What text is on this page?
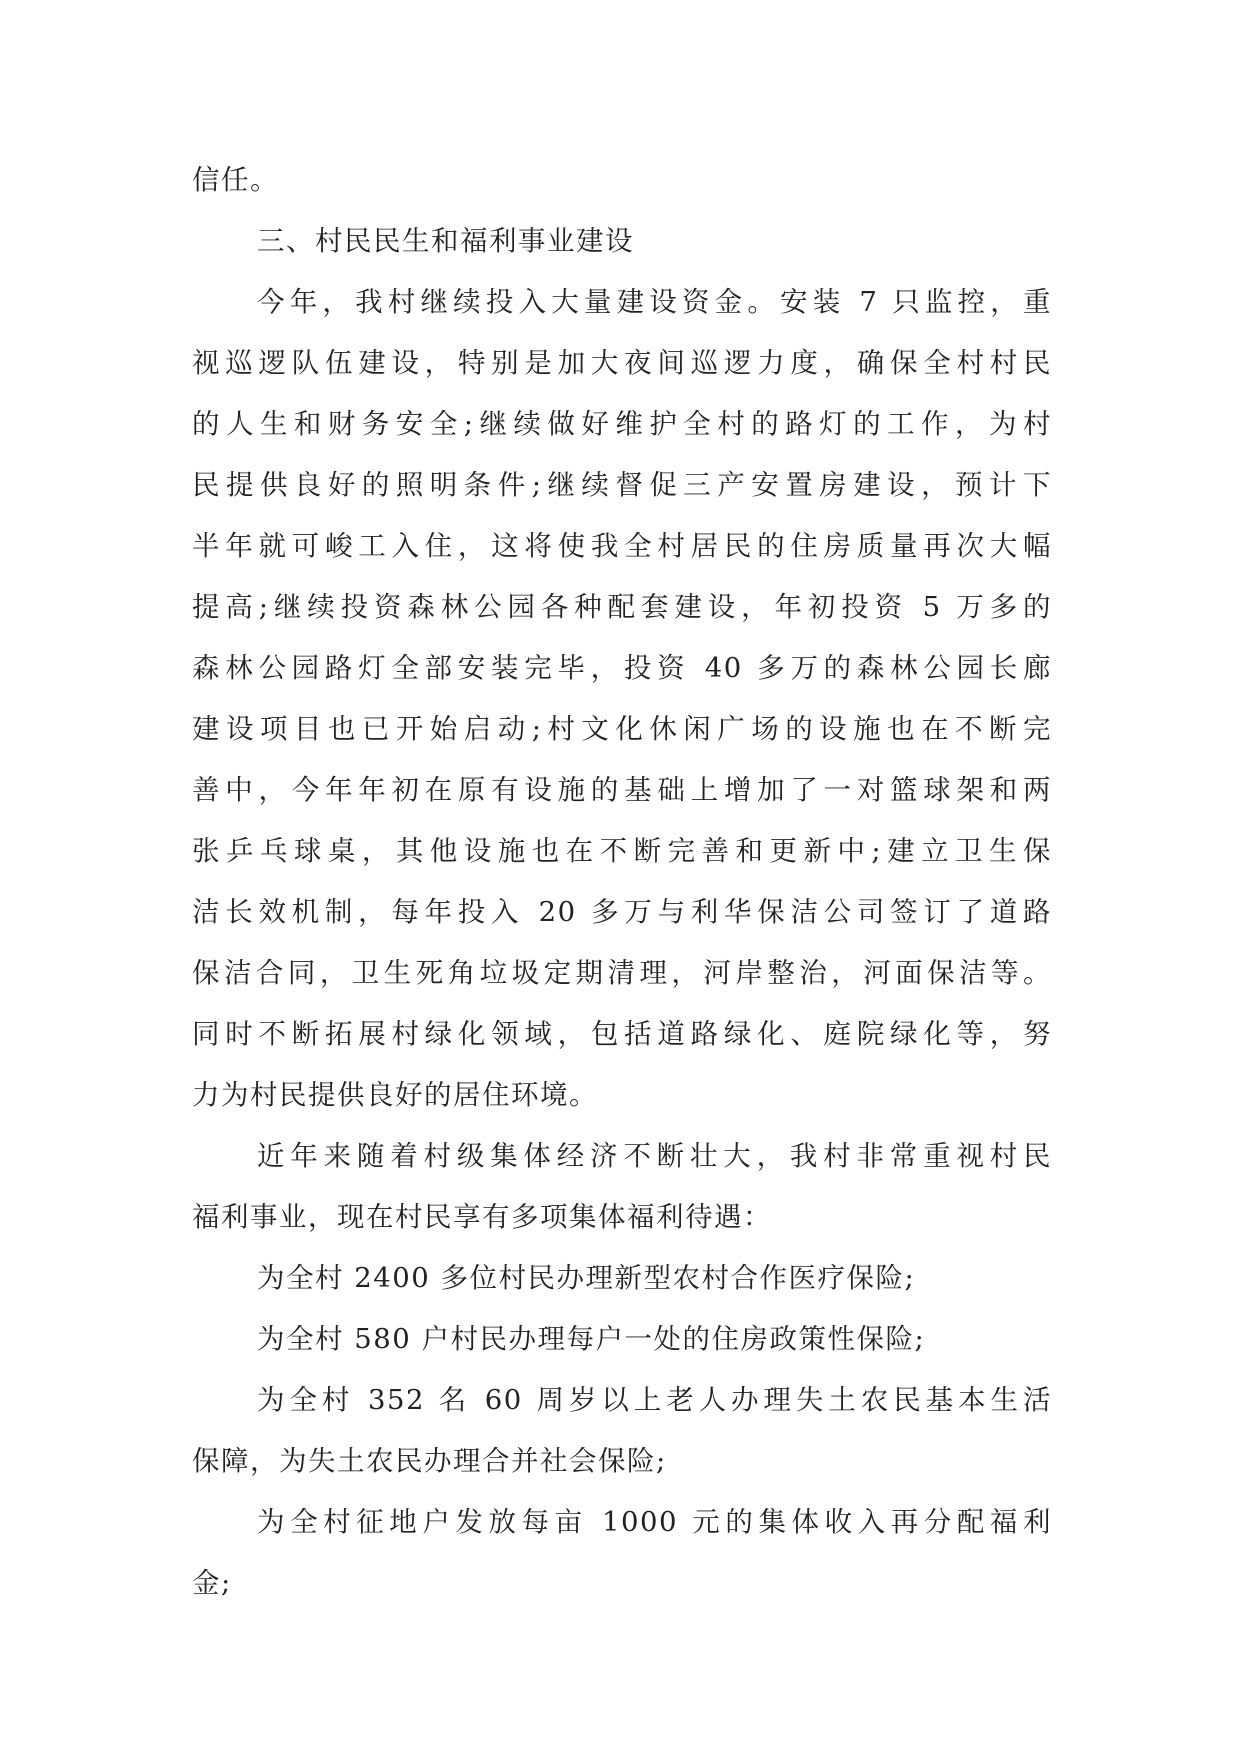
信任。
三、村民民生和福利事业建设
今年，我村继续投入大量建设资金。安装 7 只监控，重
视巡逻队伍建设，特别是加大夜间巡逻力度，确保全村村民
的人生和财务安全;继续做好维护全村的路灯的工作，为村
民提供良好的照明条件;继续督促三产安置房建设，预计下
半年就可峻工入住，这将使我全村居民的住房质量再次大幅
提高;继续投资森林公园各种配套建设，年初投资 5 万多的
森林公园路灯全部安装完毕，投资 40 多万的森林公园长廊
建设项目也已开始启动;村文化休闲广场的设施也在不断完
善中，今年年初在原有设施的基础上增加了一对篮球架和两
张乒乓球桌，其他设施也在不断完善和更新中;建立卫生保
洁长效机制，每年投入 20 多万与利华保洁公司签订了道路
保洁合同，卫生死角垃圾定期清理，河岸整治，河面保洁等。
同时不断拓展村绿化领域，包括道路绿化、庭院绿化等，努
力为村民提供良好的居住环境。
近年来随着村级集体经济不断壮大，我村非常重视村民
福利事业，现在村民享有多项集体福利待遇：
为全村 2400 多位村民办理新型农村合作医疗保险;
为全村 580 户村民办理每户一处的住房政策性保险;
为全村 352 名 60 周岁以上老人办理失土农民基本生活
保障，为失土农民办理合并社会保险;
为全村征地户发放每亩 1000 元的集体收入再分配福利
金;
